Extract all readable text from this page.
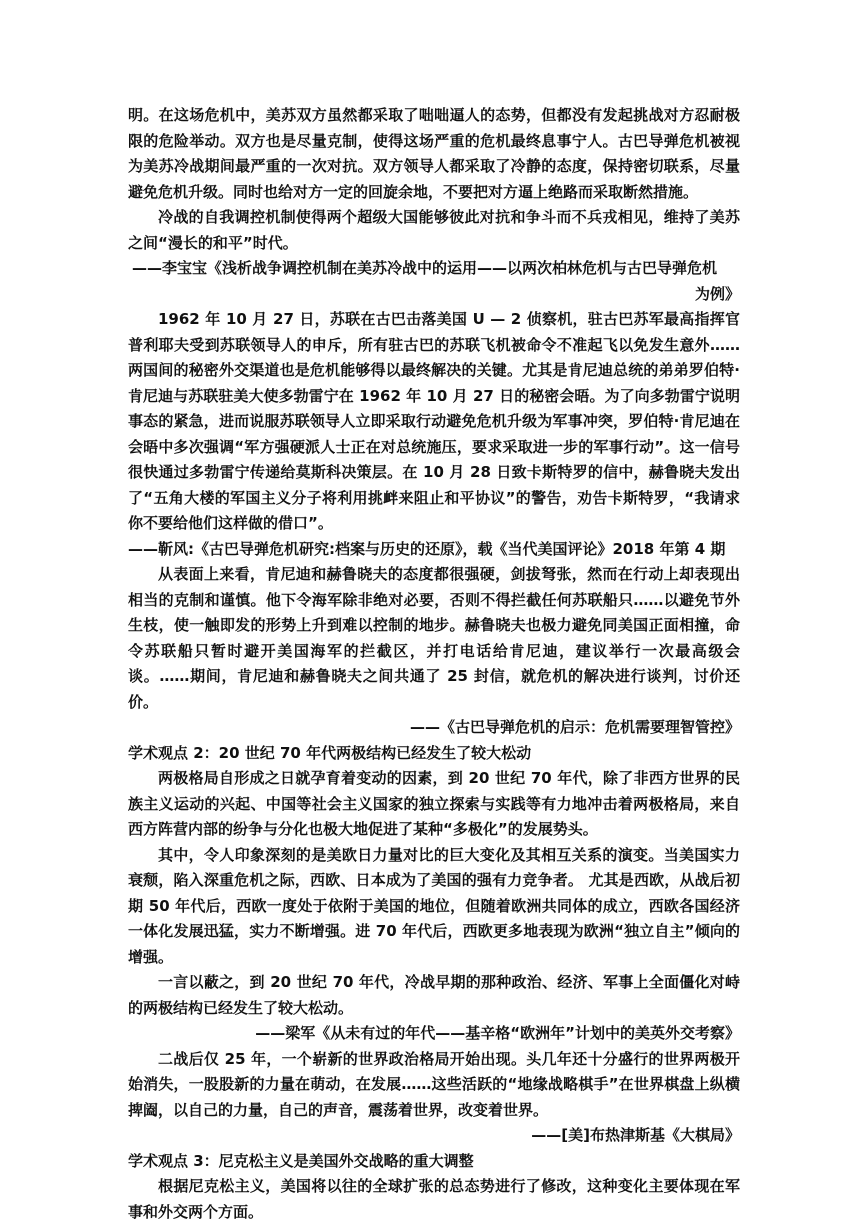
明。在这场危机中，美苏双方虽然都采取了咄咄逼人的态势，但都没有发起挑战对方忍耐极限的危险举动。双方也是尽量克制，使得这场严重的危机最终息事宁人。古巴导弹危机被视为美苏冷战期间最严重的一次对抗。双方领导人都采取了冷静的态度，保持密切联系，尽量避免危机升级。同时也给对方一定的回旋余地，不要把对方逼上绝路而采取断然措施。

冷战的自我调控机制使得两个超级大国能够彼此对抗和争斗而不兵戎相见，维持了美苏之间“漫长的和平”时代。

——李宝宝《浅析战争调控机制在美苏冷战中的运用——以两次柏林危机与古巴导弹危机

为例》

1962 年 10 月 27 日，苏联在古巴击落美国 U — 2 侦察机，驻古巴苏军最高指挥官普利耶夫受到苏联领导人的申斥，所有驻古巴的苏联飞机被命令不准起飞以免发生意外……两国间的秘密外交渠道也是危机能够得以最终解决的关键。尤其是肯尼迪总统的弟弟罗伯特·肯尼迪与苏联驻美大使多勃雷宁在 1962 年 10 月 27 日的秘密会晤。为了向多勃雷宁说明事态的紧急，进而说服苏联领导人立即采取行动避免危机升级为军事冲突，罗伯特·肯尼迪在会晤中多次强调“军方强硬派人士正在对总统施压，要求采取进一步的军事行动”。这一信号很快通过多勃雷宁传递给莫斯科决策层。在 10 月 28 日致卡斯特罗的信中，赫鲁晓夫发出了“五角大楼的军国主义分子将利用挑衅来阻止和平协议”的警告，劝告卡斯特罗，“我请求你不要给他们这样做的借口”。

——靳风:《古巴导弹危机研究:档案与历史的还原》，载《当代美国评论》2018 年第 4 期

从表面上来看，肯尼迪和赫鲁晓夫的态度都很强硬，剑拔弩张，然而在行动上却表现出相当的克制和谨慎。他下令海军除非绝对必要，否则不得拦截任何苏联船只……以避免节外生枝，使一触即发的形势上升到难以控制的地步。赫鲁晓夫也极力避免同美国正面相撞，命令苏联船只暂时避开美国海军的拦截区，并打电话给肯尼迪，建议举行一次最高级会谈。……期间，肯尼迪和赫鲁晓夫之间共通了 25 封信，就危机的解决进行谈判，讨价还价。

——《古巴导弹危机的启示：危机需要理智管控》

学术观点 2：20 世纪 70 年代两极结构已经发生了较大松动

两极格局自形成之日就孕育着变动的因素，到 20 世纪 70 年代，除了非西方世界的民族主义运动的兴起、中国等社会主义国家的独立探索与实践等有力地冲击着两极格局，来自西方阵营内部的纷争与分化也极大地促进了某种“多极化”的发展势头。

其中，令人印象深刻的是美欧日力量对比的巨大变化及其相互关系的演变。当美国实力衰颓，陷入深重危机之际，西欧、日本成为了美国的强有力竞争者。 尤其是西欧，从战后初期 50 年代后，西欧一度处于依附于美国的地位，但随着欧洲共同体的成立，西欧各国经济一体化发展迅猛，实力不断增强。进 70 年代后，西欧更多地表现为欧洲“独立自主”倾向的增强。

一言以蔽之，到 20 世纪 70 年代，冷战早期的那种政治、经济、军事上全面僵化对峙的两极结构已经发生了较大松动。

——梁军《从未有过的年代——基辛格“欧洲年”计划中的美英外交考察》

二战后仅 25 年，一个崭新的世界政治格局开始出现。头几年还十分盛行的世界两极开始消失，一股股新的力量在萌动，在发展……这些活跃的“地缘战略棋手”在世界棋盘上纵横捭阖，以自己的力量，自己的声音，震荡着世界，改变着世界。

——[美]布热津斯基《大棋局》

学术观点 3：尼克松主义是美国外交战略的重大调整

根据尼克松主义，美国将以往的全球扩张的总态势进行了修改，这种变化主要体现在军事和外交两个方面。
